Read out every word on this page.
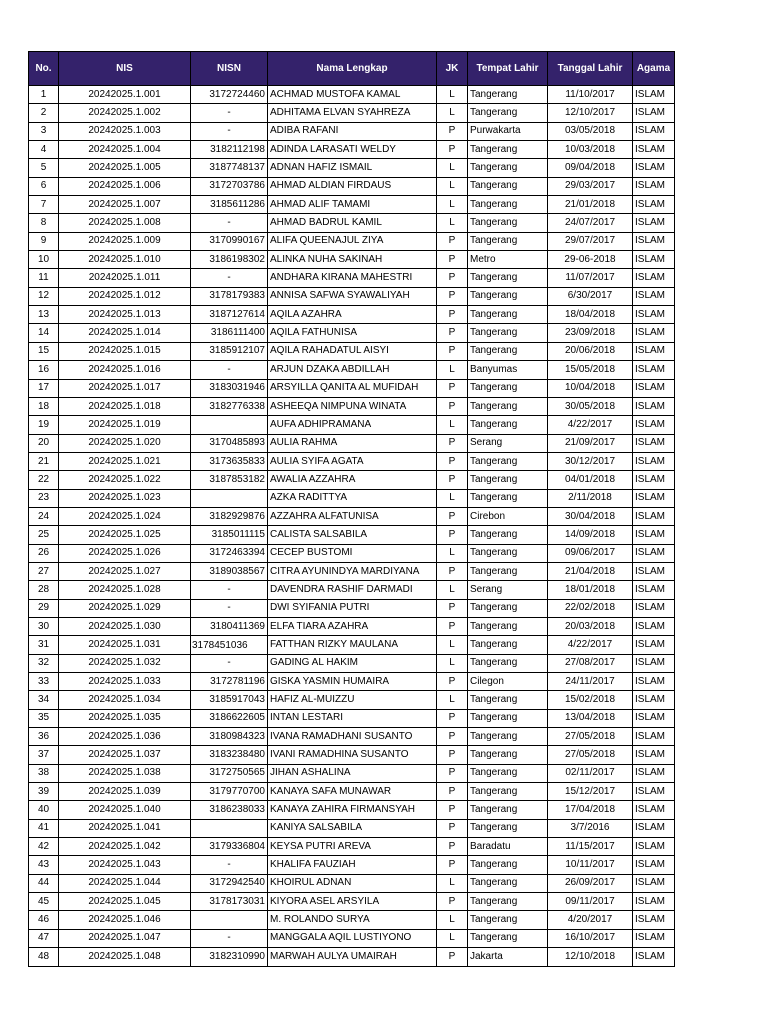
No.	NIS	NISN	Nama Lengkap	JK	Tempat Lahir	Tanggal Lahir	Agama
1	20242025.1.001	3172724460	ACHMAD MUSTOFA KAMAL	L	Tangerang	11/10/2017	ISLAM
2	20242025.1.002	-	ADHITAMA ELVAN SYAHREZA	L	Tangerang	12/10/2017	ISLAM
3	20242025.1.003	-	ADIBA RAFANI	P	Purwakarta	03/05/2018	ISLAM
4	20242025.1.004	3182112198	ADINDA LARASATI WELDY	P	Tangerang	10/03/2018	ISLAM
5	20242025.1.005	3187748137	ADNAN HAFIZ ISMAIL	L	Tangerang	09/04/2018	ISLAM
6	20242025.1.006	3172703786	AHMAD ALDIAN FIRDAUS	L	Tangerang	29/03/2017	ISLAM
7	20242025.1.007	3185611286	AHMAD ALIF TAMAMI	L	Tangerang	21/01/2018	ISLAM
8	20242025.1.008	-	AHMAD BADRUL KAMIL	L	Tangerang	24/07/2017	ISLAM
9	20242025.1.009	3170990167	ALIFA QUEENAJUL ZIYA	P	Tangerang	29/07/2017	ISLAM
10	20242025.1.010	3186198302	ALINKA NUHA SAKINAH	P	Metro	29-06-2018	ISLAM
11	20242025.1.011	-	ANDHARA KIRANA MAHESTRI	P	Tangerang	11/07/2017	ISLAM
12	20242025.1.012	3178179383	ANNISA SAFWA SYAWALIYAH	P	Tangerang	6/30/2017	ISLAM
13	20242025.1.013	3187127614	AQILA AZAHRA	P	Tangerang	18/04/2018	ISLAM
14	20242025.1.014	3186111400	AQILA FATHUNISA	P	Tangerang	23/09/2018	ISLAM
15	20242025.1.015	3185912107	AQILA RAHADATUL AISYI	P	Tangerang	20/06/2018	ISLAM
16	20242025.1.016	-	ARJUN DZAKA ABDILLAH	L	Banyumas	15/05/2018	ISLAM
17	20242025.1.017	3183031946	ARSYILLA QANITA AL MUFIDAH	P	Tangerang	10/04/2018	ISLAM
18	20242025.1.018	3182776338	ASHEEQA NIMPUNA WINATA	P	Tangerang	30/05/2018	ISLAM
19	20242025.1.019		AUFA ADHIPRAMANA	L	Tangerang	4/22/2017	ISLAM
20	20242025.1.020	3170485893	AULIA RAHMA	P	Serang	21/09/2017	ISLAM
21	20242025.1.021	3173635833	AULIA SYIFA AGATA	P	Tangerang	30/12/2017	ISLAM
22	20242025.1.022	3187853182	AWALIA AZZAHRA	P	Tangerang	04/01/2018	ISLAM
23	20242025.1.023		AZKA RADITTYA	L	Tangerang	2/11/2018	ISLAM
24	20242025.1.024	3182929876	AZZAHRA ALFATUNISA	P	Cirebon	30/04/2018	ISLAM
25	20242025.1.025	3185011115	CALISTA SALSABILA	P	Tangerang	14/09/2018	ISLAM
26	20242025.1.026	3172463394	CECEP BUSTOMI	L	Tangerang	09/06/2017	ISLAM
27	20242025.1.027	3189038567	CITRA AYUNINDYA MARDIYANA	P	Tangerang	21/04/2018	ISLAM
28	20242025.1.028	-	DAVENDRA RASHIF DARMADI	L	Serang	18/01/2018	ISLAM
29	20242025.1.029	-	DWI SYIFANIA PUTRI	P	Tangerang	22/02/2018	ISLAM
30	20242025.1.030	3180411369	ELFA TIARA AZAHRA	P	Tangerang	20/03/2018	ISLAM
31	20242025.1.031	3178451036	FATTHAN RIZKY MAULANA	L	Tangerang	4/22/2017	ISLAM
32	20242025.1.032	-	GADING AL HAKIM	L	Tangerang	27/08/2017	ISLAM
33	20242025.1.033	3172781196	GISKA YASMIN HUMAIRA	P	Cilegon	24/11/2017	ISLAM
34	20242025.1.034	3185917043	HAFIZ AL-MUIZZU	L	Tangerang	15/02/2018	ISLAM
35	20242025.1.035	3186622605	INTAN LESTARI	P	Tangerang	13/04/2018	ISLAM
36	20242025.1.036	3180984323	IVANA RAMADHANI SUSANTO	P	Tangerang	27/05/2018	ISLAM
37	20242025.1.037	3183238480	IVANI RAMADHINA SUSANTO	P	Tangerang	27/05/2018	ISLAM
38	20242025.1.038	3172750565	JIHAN ASHALINA	P	Tangerang	02/11/2017	ISLAM
39	20242025.1.039	3179770700	KANAYA SAFA MUNAWAR	P	Tangerang	15/12/2017	ISLAM
40	20242025.1.040	3186238033	KANAYA ZAHIRA FIRMANSYAH	P	Tangerang	17/04/2018	ISLAM
41	20242025.1.041		KANIYA SALSABILA	P	Tangerang	3/7/2016	ISLAM
42	20242025.1.042	3179336804	KEYSA PUTRI AREVA	P	Baradatu	11/15/2017	ISLAM
43	20242025.1.043	-	KHALIFA FAUZIAH	P	Tangerang	10/11/2017	ISLAM
44	20242025.1.044	3172942540	KHOIRUL ADNAN	L	Tangerang	26/09/2017	ISLAM
45	20242025.1.045	3178173031	KIYORA ASEL ARSYILA	P	Tangerang	09/11/2017	ISLAM
46	20242025.1.046		M. ROLANDO SURYA	L	Tangerang	4/20/2017	ISLAM
47	20242025.1.047	-	MANGGALA AQIL LUSTIYONO	L	Tangerang	16/10/2017	ISLAM
48	20242025.1.048	3182310990	MARWAH AULYA UMAIRAH	P	Jakarta	12/10/2018	ISLAM
